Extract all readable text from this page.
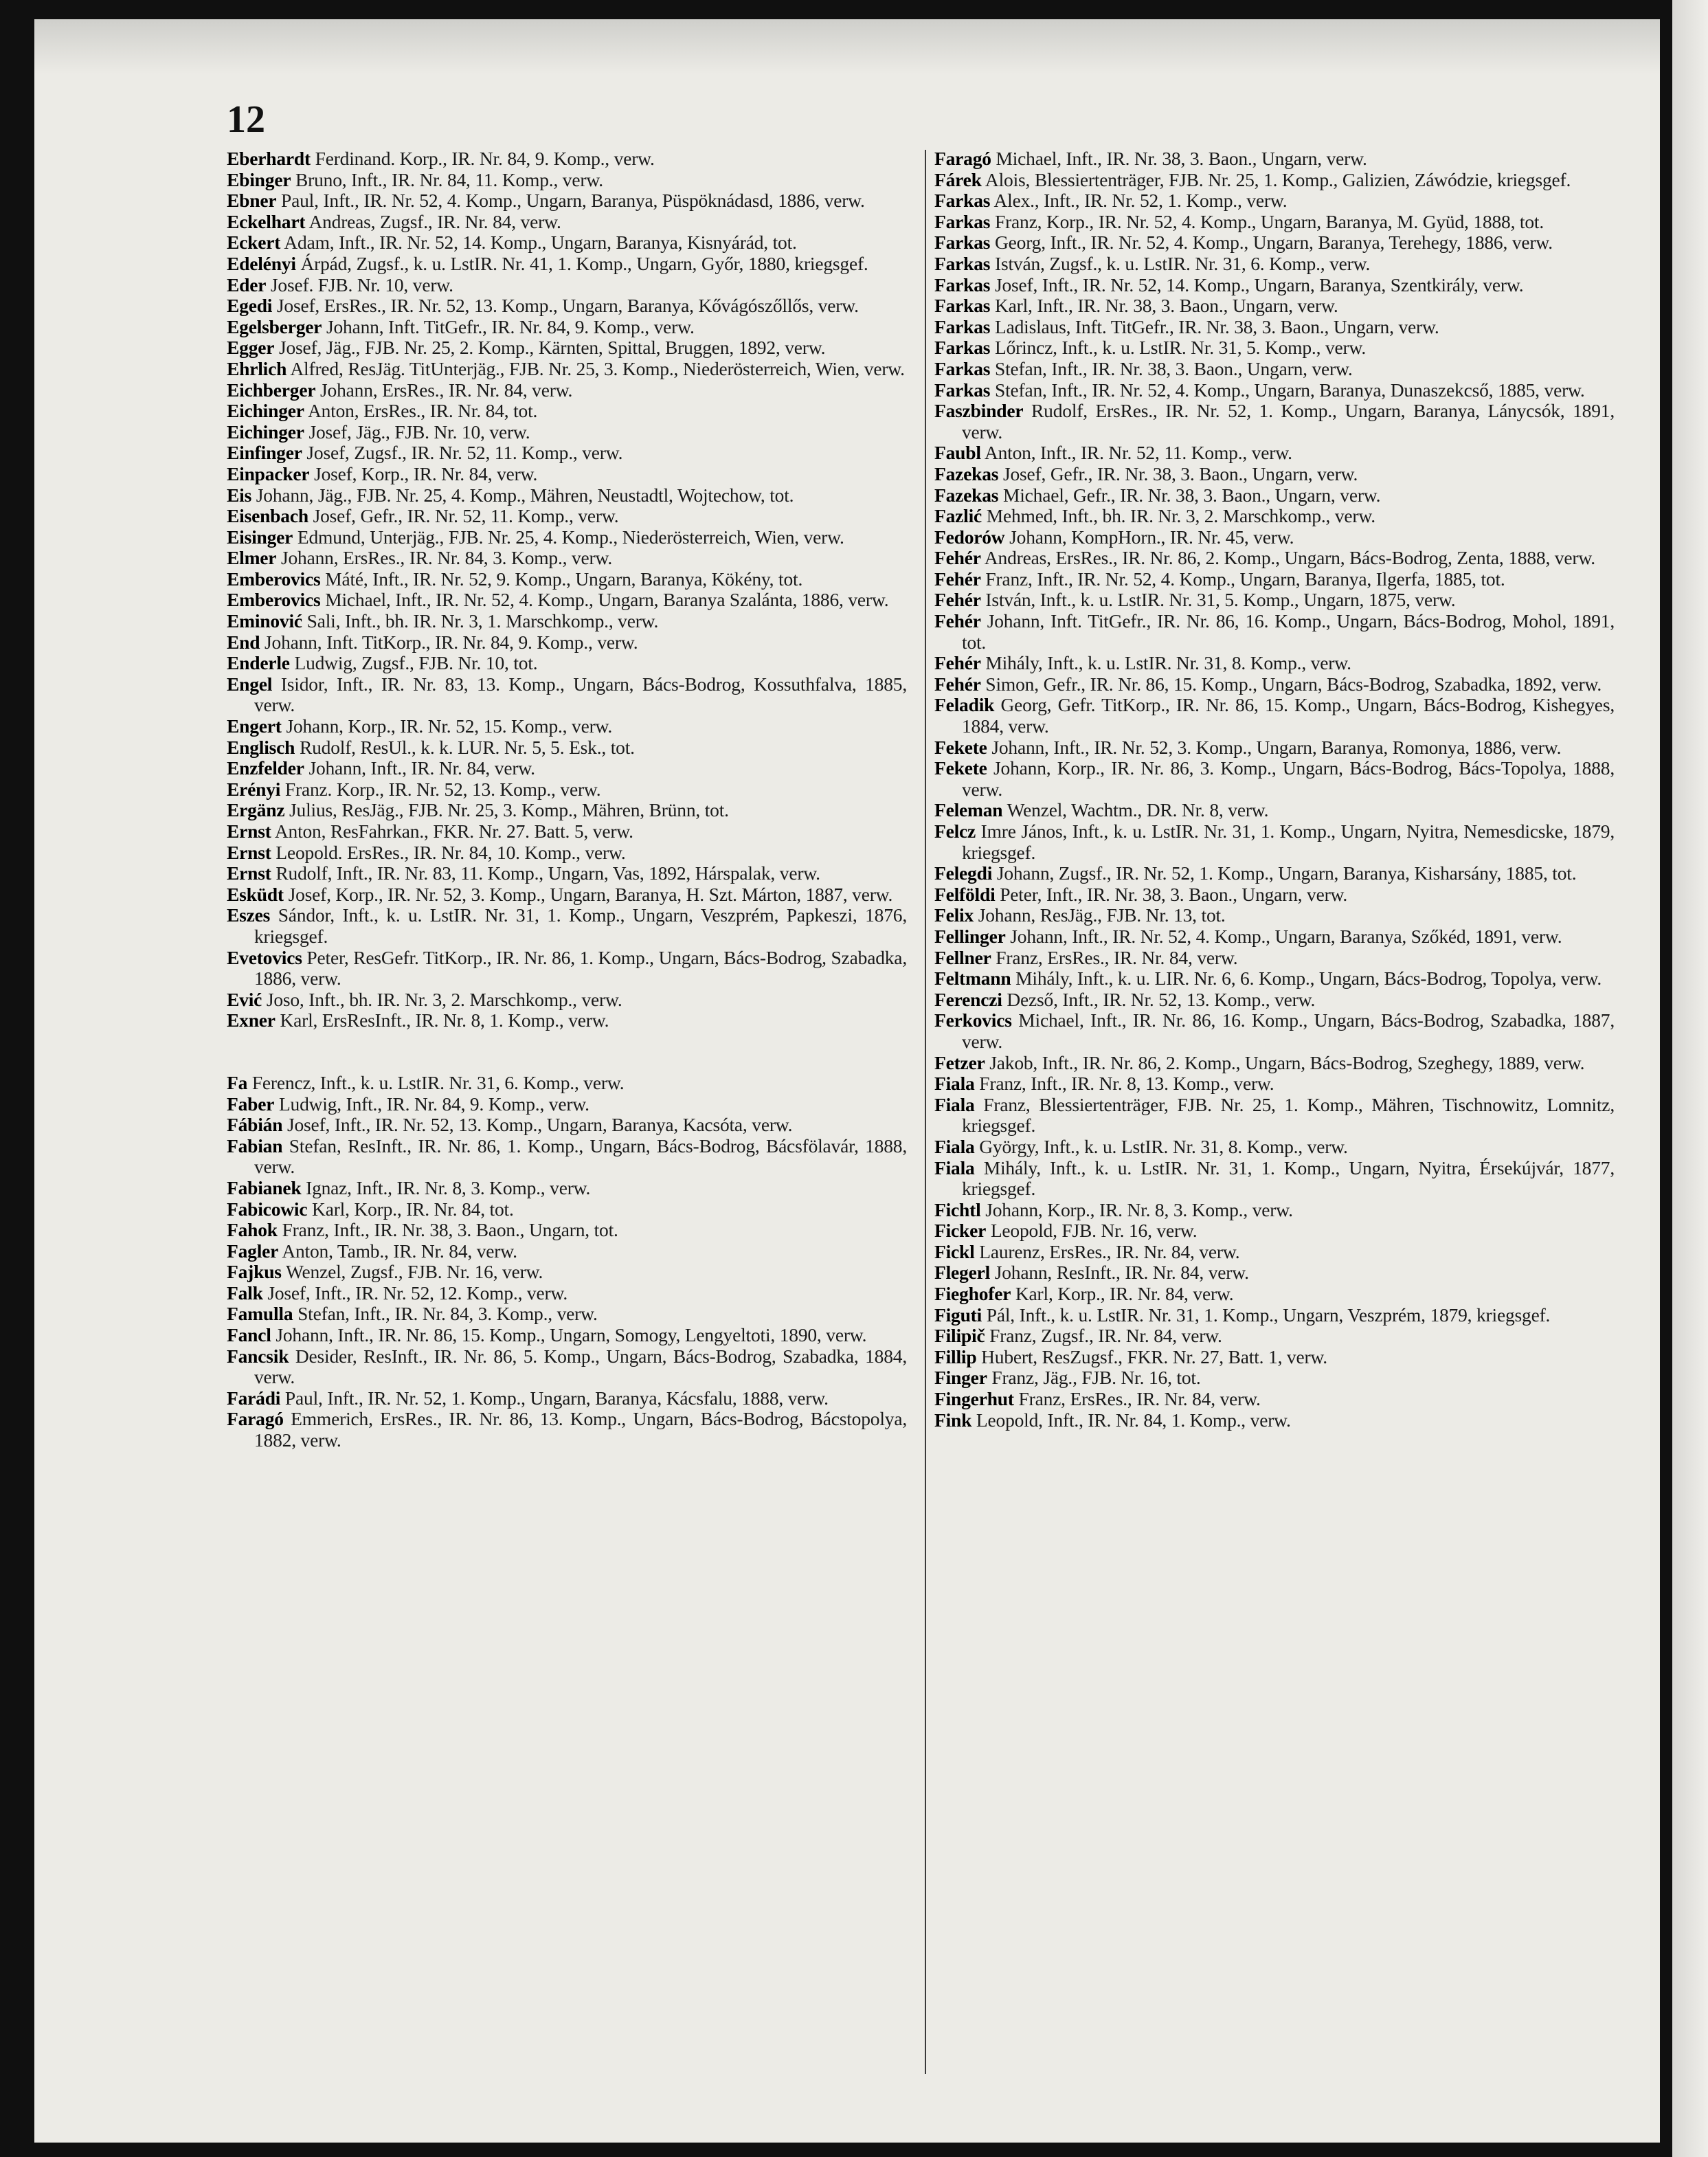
12

Eberhardt Ferdinand. Korp., IR. Nr. 84, 9. Komp., verw.

Ebinger Bruno, Inft., IR. Nr. 84, 11. Komp., verw.

Ebner Paul, Inft., IR. Nr. 52, 4. Komp., Ungarn, Baranya, Püspöknádasd, 1886, verw.

Eckelhart Andreas, Zugsf., IR. Nr. 84, verw.

Eckert Adam, Inft., IR. Nr. 52, 14. Komp., Ungarn, Baranya, Kisnyárád, tot.

Edelényi Árpád, Zugsf., k. u. LstIR. Nr. 41, 1. Komp., Ungarn, Győr, 1880, kriegsgef.

Eder Josef. FJB. Nr. 10, verw.

Egedi Josef, ErsRes., IR. Nr. 52, 13. Komp., Ungarn, Baranya, Kővágószőllős, verw.

Egelsberger Johann, Inft. TitGefr., IR. Nr. 84, 9. Komp., verw.

Egger Josef, Jäg., FJB. Nr. 25, 2. Komp., Kärnten, Spittal, Bruggen, 1892, verw.

Ehrlich Alfred, ResJäg. TitUnterjäg., FJB. Nr. 25, 3. Komp., Niederösterreich, Wien, verw.

Eichberger Johann, ErsRes., IR. Nr. 84, verw.

Eichinger Anton, ErsRes., IR. Nr. 84, tot.

Eichinger Josef, Jäg., FJB. Nr. 10, verw.

Einfinger Josef, Zugsf., IR. Nr. 52, 11. Komp., verw.

Einpacker Josef, Korp., IR. Nr. 84, verw.

Eis Johann, Jäg., FJB. Nr. 25, 4. Komp., Mähren, Neustadtl, Wojtechow, tot.

Eisenbach Josef, Gefr., IR. Nr. 52, 11. Komp., verw.

Eisinger Edmund, Unterjäg., FJB. Nr. 25, 4. Komp., Niederösterreich, Wien, verw.

Elmer Johann, ErsRes., IR. Nr. 84, 3. Komp., verw.

Emberovics Máté, Inft., IR. Nr. 52, 9. Komp., Ungarn, Baranya, Kökény, tot.

Emberovics Michael, Inft., IR. Nr. 52, 4. Komp., Ungarn, Baranya Szalánta, 1886, verw.

Eminović Sali, Inft., bh. IR. Nr. 3, 1. Marschkomp., verw.

End Johann, Inft. TitKorp., IR. Nr. 84, 9. Komp., verw.

Enderle Ludwig, Zugsf., FJB. Nr. 10, tot.

Engel Isidor, Inft., IR. Nr. 83, 13. Komp., Ungarn, Bács-Bodrog, Kossuthfalva, 1885, verw.

Engert Johann, Korp., IR. Nr. 52, 15. Komp., verw.

Englisch Rudolf, ResUl., k. k. LUR. Nr. 5, 5. Esk., tot.

Enzfelder Johann, Inft., IR. Nr. 84, verw.

Erényi Franz. Korp., IR. Nr. 52, 13. Komp., verw.

Ergänz Julius, ResJäg., FJB. Nr. 25, 3. Komp., Mähren, Brünn, tot.

Ernst Anton, ResFahrkan., FKR. Nr. 27. Batt. 5, verw.

Ernst Leopold. ErsRes., IR. Nr. 84, 10. Komp., verw.

Ernst Rudolf, Inft., IR. Nr. 83, 11. Komp., Ungarn, Vas, 1892, Hárspalak, verw.

Esküdt Josef, Korp., IR. Nr. 52, 3. Komp., Ungarn, Baranya, H. Szt. Márton, 1887, verw.

Eszes Sándor, Inft., k. u. LstIR. Nr. 31, 1. Komp., Ungarn, Veszprém, Papkeszi, 1876, kriegsgef.

Evetovics Peter, ResGefr. TitKorp., IR. Nr. 86, 1. Komp., Ungarn, Bács-Bodrog, Szabadka, 1886, verw.

Ević Joso, Inft., bh. IR. Nr. 3, 2. Marschkomp., verw.

Exner Karl, ErsResInft., IR. Nr. 8, 1. Komp., verw.

Fa Ferencz, Inft., k. u. LstIR. Nr. 31, 6. Komp., verw.

Faber Ludwig, Inft., IR. Nr. 84, 9. Komp., verw.

Fábián Josef, Inft., IR. Nr. 52, 13. Komp., Ungarn, Baranya, Kacsóta, verw.

Fabian Stefan, ResInft., IR. Nr. 86, 1. Komp., Ungarn, Bács-Bodrog, Bácsfölavár, 1888, verw.

Fabianek Ignaz, Inft., IR. Nr. 8, 3. Komp., verw.

Fabicowic Karl, Korp., IR. Nr. 84, tot.

Fahok Franz, Inft., IR. Nr. 38, 3. Baon., Ungarn, tot.

Fagler Anton, Tamb., IR. Nr. 84, verw.

Fajkus Wenzel, Zugsf., FJB. Nr. 16, verw.

Falk Josef, Inft., IR. Nr. 52, 12. Komp., verw.

Famulla Stefan, Inft., IR. Nr. 84, 3. Komp., verw.

Fancl Johann, Inft., IR. Nr. 86, 15. Komp., Ungarn, Somogy, Lengyeltoti, 1890, verw.

Fancsik Desider, ResInft., IR. Nr. 86, 5. Komp., Ungarn, Bács-Bodrog, Szabadka, 1884, verw.

Farádi Paul, Inft., IR. Nr. 52, 1. Komp., Ungarn, Baranya, Kácsfalu, 1888, verw.

Faragó Emmerich, ErsRes., IR. Nr. 86, 13. Komp., Ungarn, Bács-Bodrog, Bácstopolya, 1882, verw.

Faragó Michael, Inft., IR. Nr. 38, 3. Baon., Ungarn, verw.

Fárek Alois, Blessiertenträger, FJB. Nr. 25, 1. Komp., Galizien, Záwódzie, kriegsgef.

Farkas Alex., Inft., IR. Nr. 52, 1. Komp., verw.

Farkas Franz, Korp., IR. Nr. 52, 4. Komp., Ungarn, Baranya, M. Gyüd, 1888, tot.

Farkas Georg, Inft., IR. Nr. 52, 4. Komp., Ungarn, Baranya, Terehegy, 1886, verw.

Farkas István, Zugsf., k. u. LstIR. Nr. 31, 6. Komp., verw.

Farkas Josef, Inft., IR. Nr. 52, 14. Komp., Ungarn, Baranya, Szentkirály, verw.

Farkas Karl, Inft., IR. Nr. 38, 3. Baon., Ungarn, verw.

Farkas Ladislaus, Inft. TitGefr., IR. Nr. 38, 3. Baon., Ungarn, verw.

Farkas Lőrincz, Inft., k. u. LstIR. Nr. 31, 5. Komp., verw.

Farkas Stefan, Inft., IR. Nr. 38, 3. Baon., Ungarn, verw.

Farkas Stefan, Inft., IR. Nr. 52, 4. Komp., Ungarn, Baranya, Dunaszekcső, 1885, verw.

Faszbinder Rudolf, ErsRes., IR. Nr. 52, 1. Komp., Ungarn, Baranya, Lánycsók, 1891, verw.

Faubl Anton, Inft., IR. Nr. 52, 11. Komp., verw.

Fazekas Josef, Gefr., IR. Nr. 38, 3. Baon., Ungarn, verw.

Fazekas Michael, Gefr., IR. Nr. 38, 3. Baon., Ungarn, verw.

Fazlić Mehmed, Inft., bh. IR. Nr. 3, 2. Marschkomp., verw.

Fedorów Johann, KompHorn., IR. Nr. 45, verw.

Fehér Andreas, ErsRes., IR. Nr. 86, 2. Komp., Ungarn, Bács-Bodrog, Zenta, 1888, verw.

Fehér Franz, Inft., IR. Nr. 52, 4. Komp., Ungarn, Baranya, Ilgerfa, 1885, tot.

Fehér István, Inft., k. u. LstIR. Nr. 31, 5. Komp., Ungarn, 1875, verw.

Fehér Johann, Inft. TitGefr., IR. Nr. 86, 16. Komp., Ungarn, Bács-Bodrog, Mohol, 1891, tot.

Fehér Mihály, Inft., k. u. LstIR. Nr. 31, 8. Komp., verw.

Fehér Simon, Gefr., IR. Nr. 86, 15. Komp., Ungarn, Bács-Bodrog, Szabadka, 1892, verw.

Feladik Georg, Gefr. TitKorp., IR. Nr. 86, 15. Komp., Ungarn, Bács-Bodrog, Kishegyes, 1884, verw.

Fekete Johann, Inft., IR. Nr. 52, 3. Komp., Ungarn, Baranya, Romonya, 1886, verw.

Fekete Johann, Korp., IR. Nr. 86, 3. Komp., Ungarn, Bács-Bodrog, Bács-Topolya, 1888, verw.

Feleman Wenzel, Wachtm., DR. Nr. 8, verw.

Felcz Imre János, Inft., k. u. LstIR. Nr. 31, 1. Komp., Ungarn, Nyitra, Nemesdicske, 1879, kriegsgef.

Felegdi Johann, Zugsf., IR. Nr. 52, 1. Komp., Ungarn, Baranya, Kisharsány, 1885, tot.

Felföldi Peter, Inft., IR. Nr. 38, 3. Baon., Ungarn, verw.

Felix Johann, ResJäg., FJB. Nr. 13, tot.

Fellinger Johann, Inft., IR. Nr. 52, 4. Komp., Ungarn, Baranya, Szőkéd, 1891, verw.

Fellner Franz, ErsRes., IR. Nr. 84, verw.

Feltmann Mihály, Inft., k. u. LIR. Nr. 6, 6. Komp., Ungarn, Bács-Bodrog, Topolya, verw.

Ferenczi Dezső, Inft., IR. Nr. 52, 13. Komp., verw.

Ferkovics Michael, Inft., IR. Nr. 86, 16. Komp., Ungarn, Bács-Bodrog, Szabadka, 1887, verw.

Fetzer Jakob, Inft., IR. Nr. 86, 2. Komp., Ungarn, Bács-Bodrog, Szeghegy, 1889, verw.

Fiala Franz, Inft., IR. Nr. 8, 13. Komp., verw.

Fiala Franz, Blessiertenträger, FJB. Nr. 25, 1. Komp., Mähren, Tischnowitz, Lomnitz, kriegsgef.

Fiala György, Inft., k. u. LstIR. Nr. 31, 8. Komp., verw.

Fiala Mihály, Inft., k. u. LstIR. Nr. 31, 1. Komp., Ungarn, Nyitra, Érsekújvár, 1877, kriegsgef.

Fichtl Johann, Korp., IR. Nr. 8, 3. Komp., verw.

Ficker Leopold, FJB. Nr. 16, verw.

Fickl Laurenz, ErsRes., IR. Nr. 84, verw.

Flegerl Johann, ResInft., IR. Nr. 84, verw.

Fieghofer Karl, Korp., IR. Nr. 84, verw.

Figuti Pál, Inft., k. u. LstIR. Nr. 31, 1. Komp., Ungarn, Veszprém, 1879, kriegsgef.

Filipič Franz, Zugsf., IR. Nr. 84, verw.

Fillip Hubert, ResZugsf., FKR. Nr. 27, Batt. 1, verw.

Finger Franz, Jäg., FJB. Nr. 16, tot.

Fingerhut Franz, ErsRes., IR. Nr. 84, verw.

Fink Leopold, Inft., IR. Nr. 84, 1. Komp., verw.
